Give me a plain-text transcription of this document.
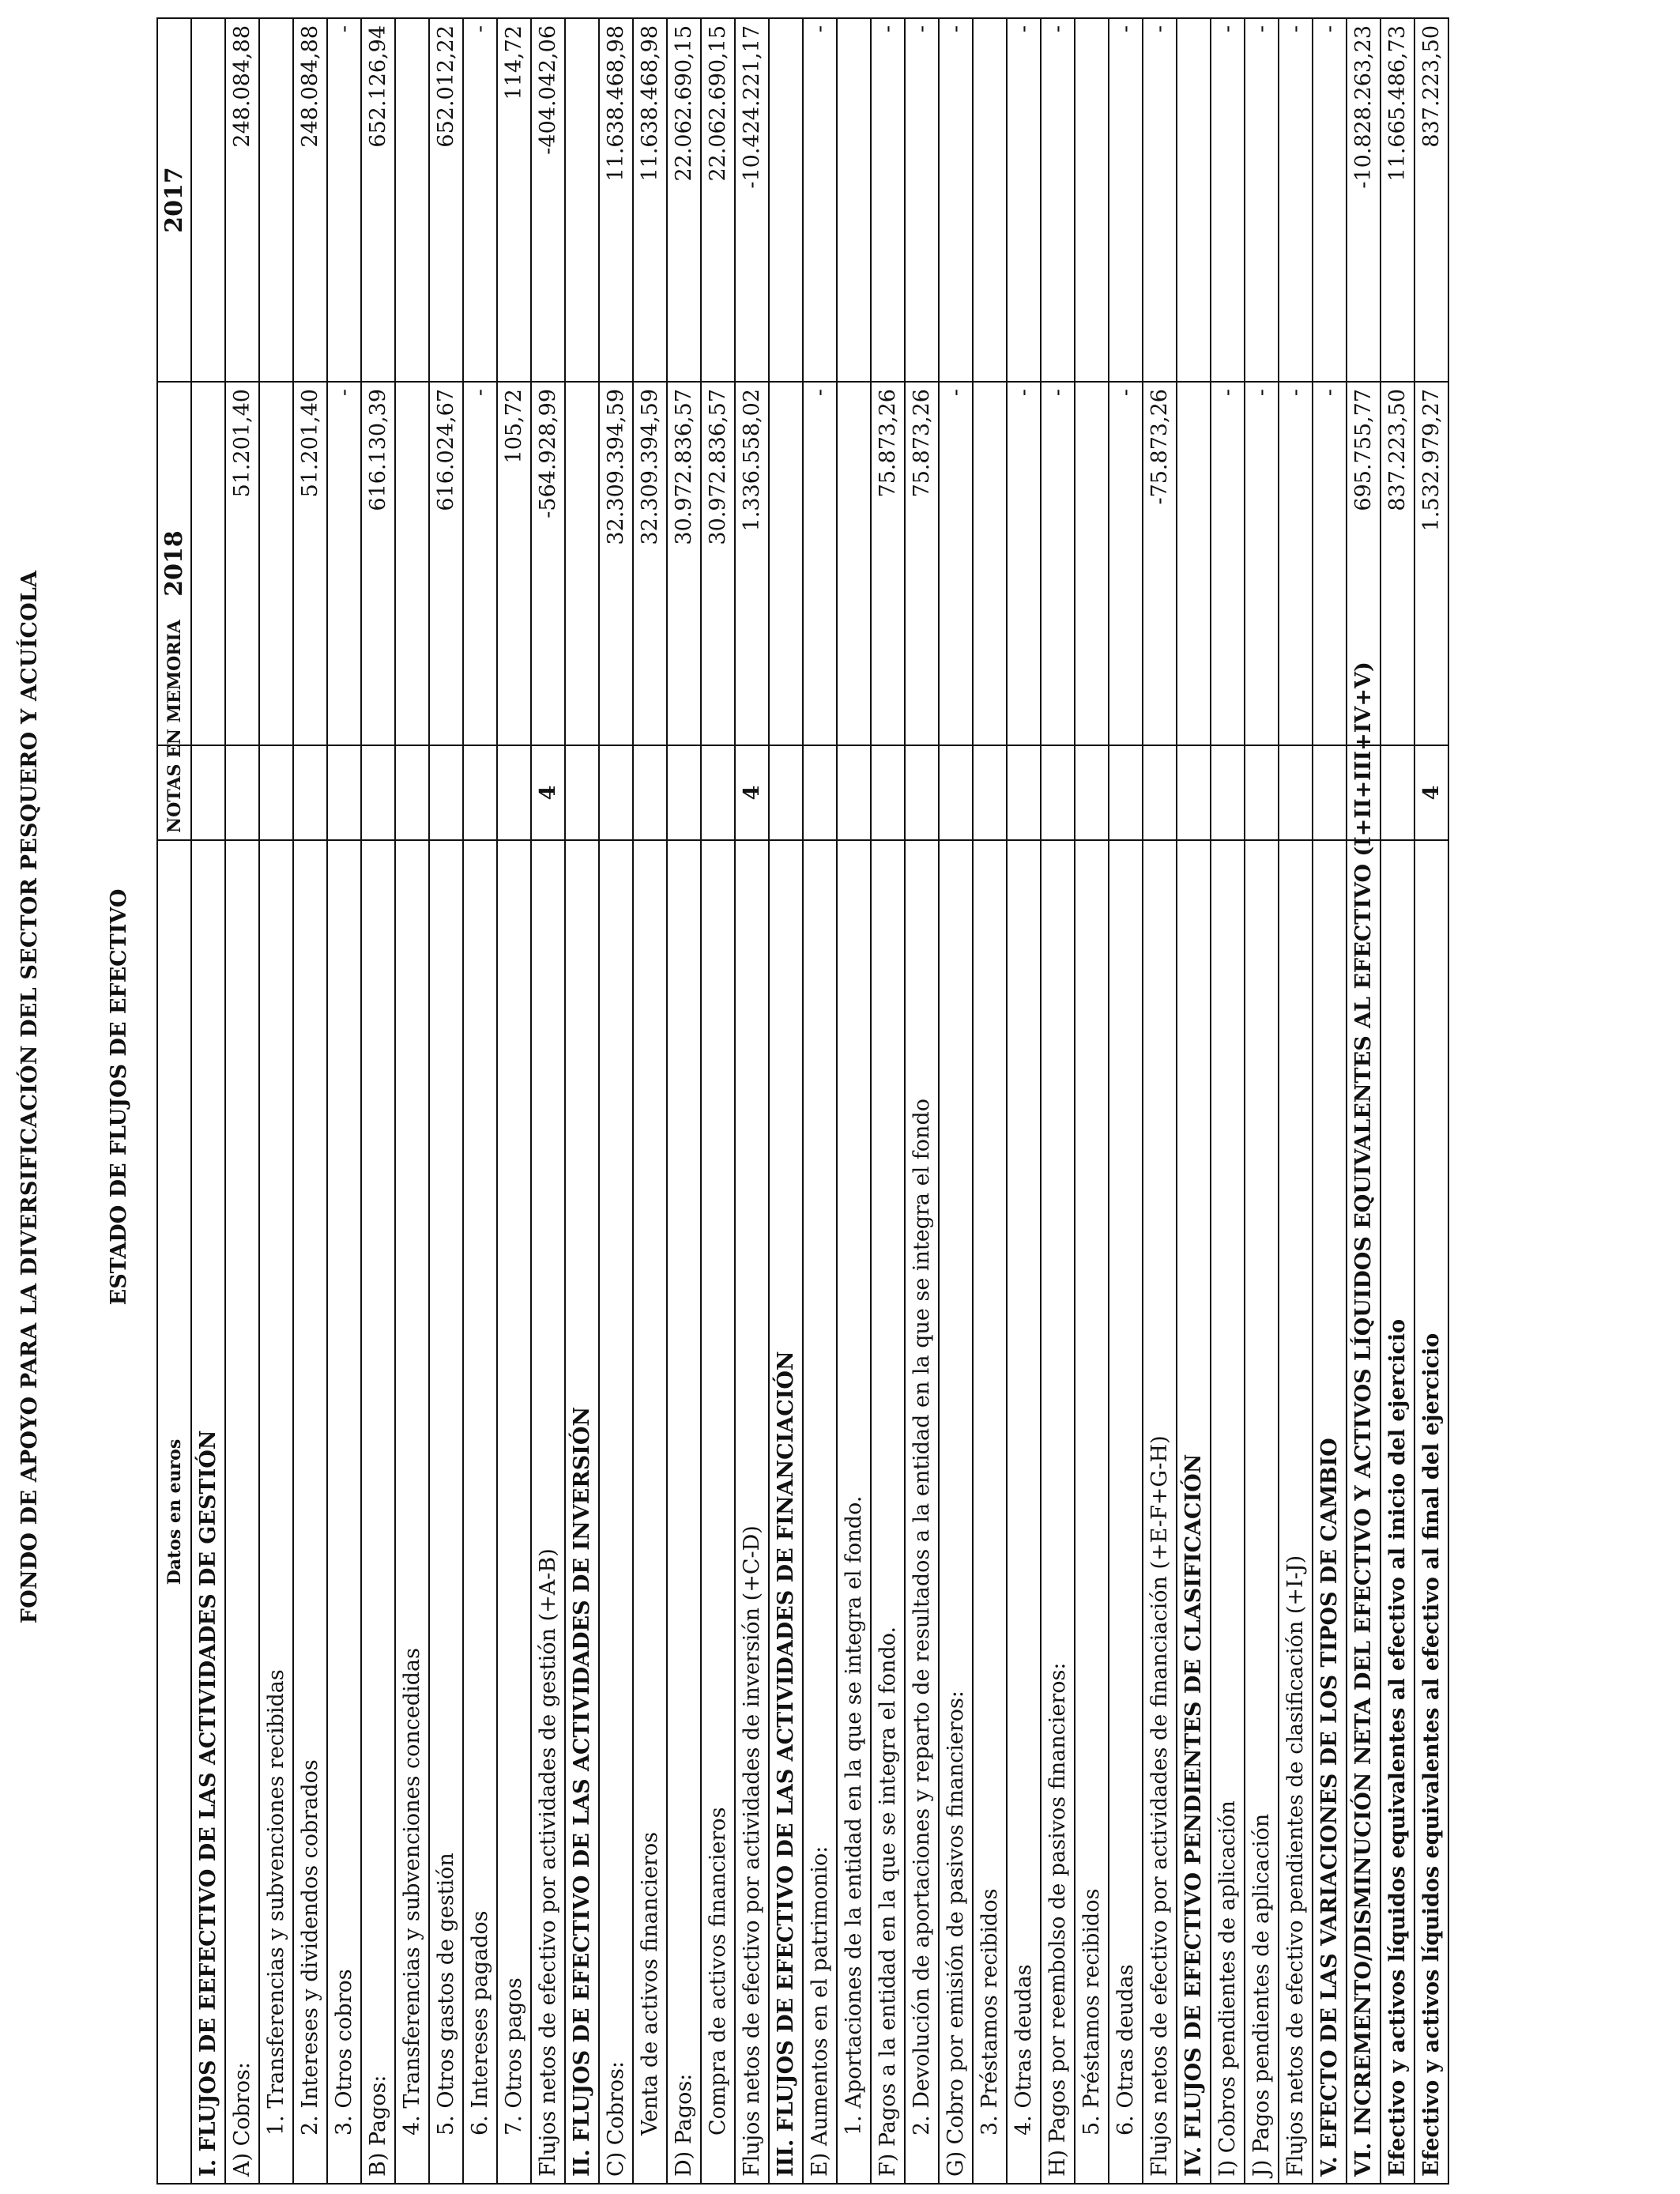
FONDO DE APOYO PARA LA DIVERSIFICACIÓN DEL SECTOR PESQUERO Y ACUÍCOLA	ESTADO DE FLUJOS DE EFECTIVO
Datos en euros	NOTAS EN MEMORIA	2018	2017
I. FLUJOS DE EEFECTIVO DE LAS ACTIVIDADES DE GESTIÓN			
A) Cobros:		51.201,40	248.084,88
1. Transferencias y subvenciones recibidas			
2. Intereses y dividendos cobrados		51.201,40	248.084,88
3. Otros cobros		-	-
B) Pagos:		616.130,39	652.126,94
4. Transferencias y subvenciones concedidas			
5. Otros gastos de gestión		616.024,67	652.012,22
6. Intereses pagados		-	-
7. Otros pagos		105,72	114,72
Flujos netos de efectivo por actividades de gestión (+A-B)	4	-564.928,99	-404.042,06
II. FLUJOS DE EFECTIVO DE LAS ACTIVIDADES DE INVERSIÓN			
C) Cobros:		32.309.394,59	11.638.468,98
Venta de activos financieros		32.309.394,59	11.638.468,98
D) Pagos:		30.972.836,57	22.062.690,15
Compra de activos financieros		30.972.836,57	22.062.690,15
Flujos netos de efectivo por actividades de inversión (+C-D)	4	1.336.558,02	-10.424.221,17
III. FLUJOS DE EFECTIVO DE LAS ACTIVIDADES DE FINANCIACIÓN			
E) Aumentos en el patrimonio:		-	-
1. Aportaciones de la entidad en la que se integra el fondo.			
F) Pagos a la entidad en la que se integra el fondo.		75.873,26	-
2. Devolución de aportaciones y reparto de resultados a la entidad en la que se integra el fondo		75.873,26	-
G) Cobro por emisión de pasivos financieros:		-	-
3. Préstamos recibidos			
4. Otras deudas		-	-
H) Pagos por reembolso de pasivos financieros:		-	-
5. Préstamos recibidos			
6. Otras deudas		-	-
Flujos netos de efectivo por actividades de financiación (+E-F+G-H)		-75.873,26	-
IV. FLUJOS DE EFECTIVO PENDIENTES DE CLASIFICACIÓN			
I) Cobros pendientes de aplicación		-	-
J) Pagos pendientes de aplicación		-	-
Flujos netos de efectivo pendientes de clasificación (+I-J)		-	-
V. EFECTO DE LAS VARIACIONES DE LOS TIPOS DE CAMBIO		-	-
VI. INCREMENTO/DISMINUCIÓN NETA DEL EFECTIVO Y ACTIVOS LÍQUIDOS EQUIVALENTES AL EFECTIVO (I+II+III+IV+V)		695.755,77	-10.828.263,23
Efectivo y activos líquidos equivalentes al efectivo al inicio del ejercicio		837.223,50	11.665.486,73
Efectivo y activos líquidos equivalentes al efectivo al final del ejercicio	4	1.532.979,27	837.223,50
